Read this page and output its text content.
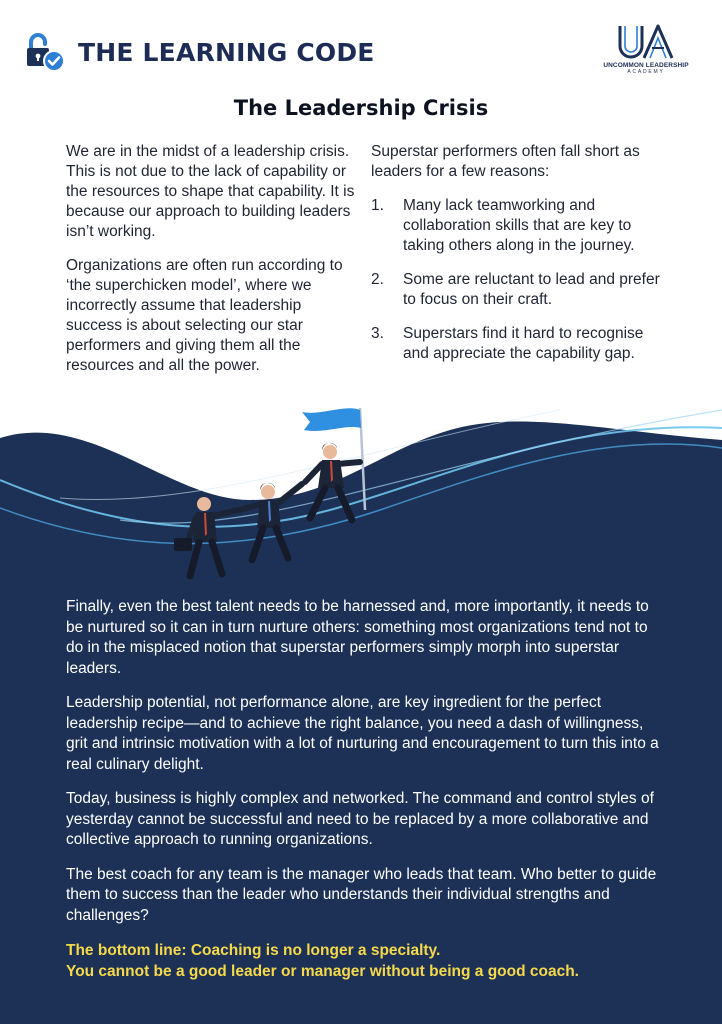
THE LEARNING CODE	UNCOMMON LEADERSHIP
ACADEMY
The Leadership Crisis

We are in the midst of a leadership crisis. This is not due to the lack of capability or the resources to shape that capability. It is because our approach to building leaders isn’t working.

Organizations are often run according to ‘the superchicken model’, where we incorrectly assume that leadership success is about selecting our star performers and giving them all the resources and all the power.

Superstar performers often fall short as leaders for a few reasons:

1.	Many lack teamworking and collaboration skills that are key to taking others along in the journey.
2.	Some are reluctant to lead and prefer to focus on their craft.
3.	Superstars find it hard to recognise and appreciate the capability gap.

Finally, even the best talent needs to be harnessed and, more importantly, it needs to be nurtured so it can in turn nurture others: something most organizations tend not to do in the misplaced notion that superstar performers simply morph into superstar leaders.

Leadership potential, not performance alone, are key ingredient for the perfect leadership recipe—and to achieve the right balance, you need a dash of willingness, grit and intrinsic motivation with a lot of nurturing and encouragement to turn this into a real culinary delight.

Today, business is highly complex and networked. The command and control styles of yesterday cannot be successful and need to be replaced by a more collaborative and collective approach to running organizations.

The best coach for any team is the manager who leads that team. Who better to guide them to success than the leader who understands their individual strengths and challenges?

The bottom line: Coaching is no longer a specialty.
You cannot be a good leader or manager without being a good coach.
